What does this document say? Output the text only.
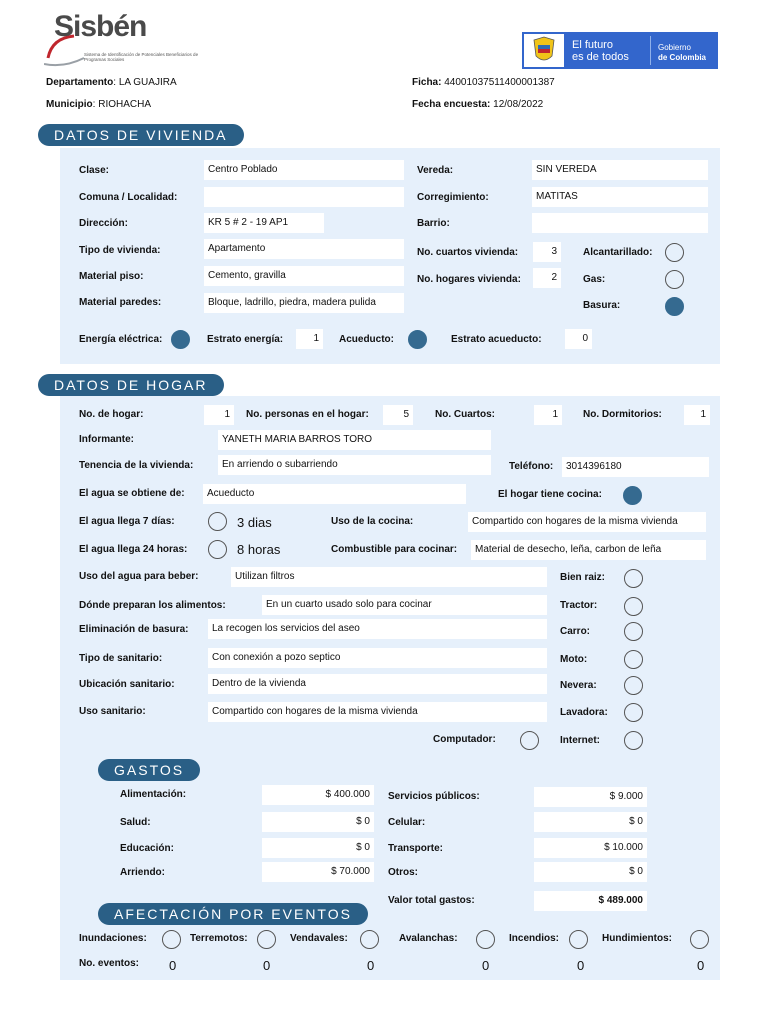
Sisbén
Sistema de Identificación de Potenciales Beneficiarios de Programas Sociales
El futuro
es de todos
Gobierno
de Colombia
Departamento: LA GUAJIRA
Municipio: RIOHACHA
Ficha: 44001037511400001387
Fecha encuesta: 12/08/2022
DATOS DE VIVIENDA
Clase:	Centro Poblado	Vereda:	SIN VEREDA
Comuna / Localidad:	Corregimiento:	MATITAS
Dirección:	KR 5 # 2 - 19 AP1	Barrio:
Tipo de vivienda:	Apartamento	No. cuartos vivienda:	3	Alcantarillado:
Material piso:	Cemento, gravilla	No. hogares vivienda:	2	Gas:
Material paredes:	Bloque, ladrillo, piedra, madera pulida	Basura:
Energía eléctrica:	Estrato energía:	1	Acueducto:	Estrato acueducto:	0
DATOS DE HOGAR
No. de hogar:	1	No. personas en el hogar:	5	No. Cuartos:	1	No. Dormitorios:	1
Informante:	YANETH MARIA BARROS TORO
Tenencia de la vivienda:	En arriendo o subarriendo	Teléfono:	3014396180
El agua se obtiene de:	Acueducto	El hogar tiene cocina:
El agua llega 7 días:	3 dias	Uso de la cocina:	Compartido con hogares de la misma vivienda
El agua llega 24 horas:	8 horas	Combustible para cocinar:	Material de desecho, leña, carbon de leña
Uso del agua para beber:	Utilizan filtros	Bien raiz:
Dónde preparan los alimentos:	En un cuarto usado solo para cocinar	Tractor:
Eliminación de basura:	La recogen los servicios del aseo	Carro:
Tipo de sanitario:	Con conexión a pozo septico	Moto:
Ubicación sanitario:	Dentro de la vivienda	Nevera:
Uso sanitario:	Compartido con hogares de la misma vivienda	Lavadora:
Computador:	Internet:
GASTOS
Alimentación:	$ 400.000	Servicios públicos:	$ 9.000
Salud:	$ 0	Celular:	$ 0
Educación:	$ 0	Transporte:	$ 10.000
Arriendo:	$ 70.000	Otros:	$ 0
Valor total gastos:	$ 489.000
AFECTACIÓN POR EVENTOS
Inundaciones:	Terremotos:	Vendavales:	Avalanchas:	Incendios:	Hundimientos:
No. eventos: 0	0	0	0	0	0
